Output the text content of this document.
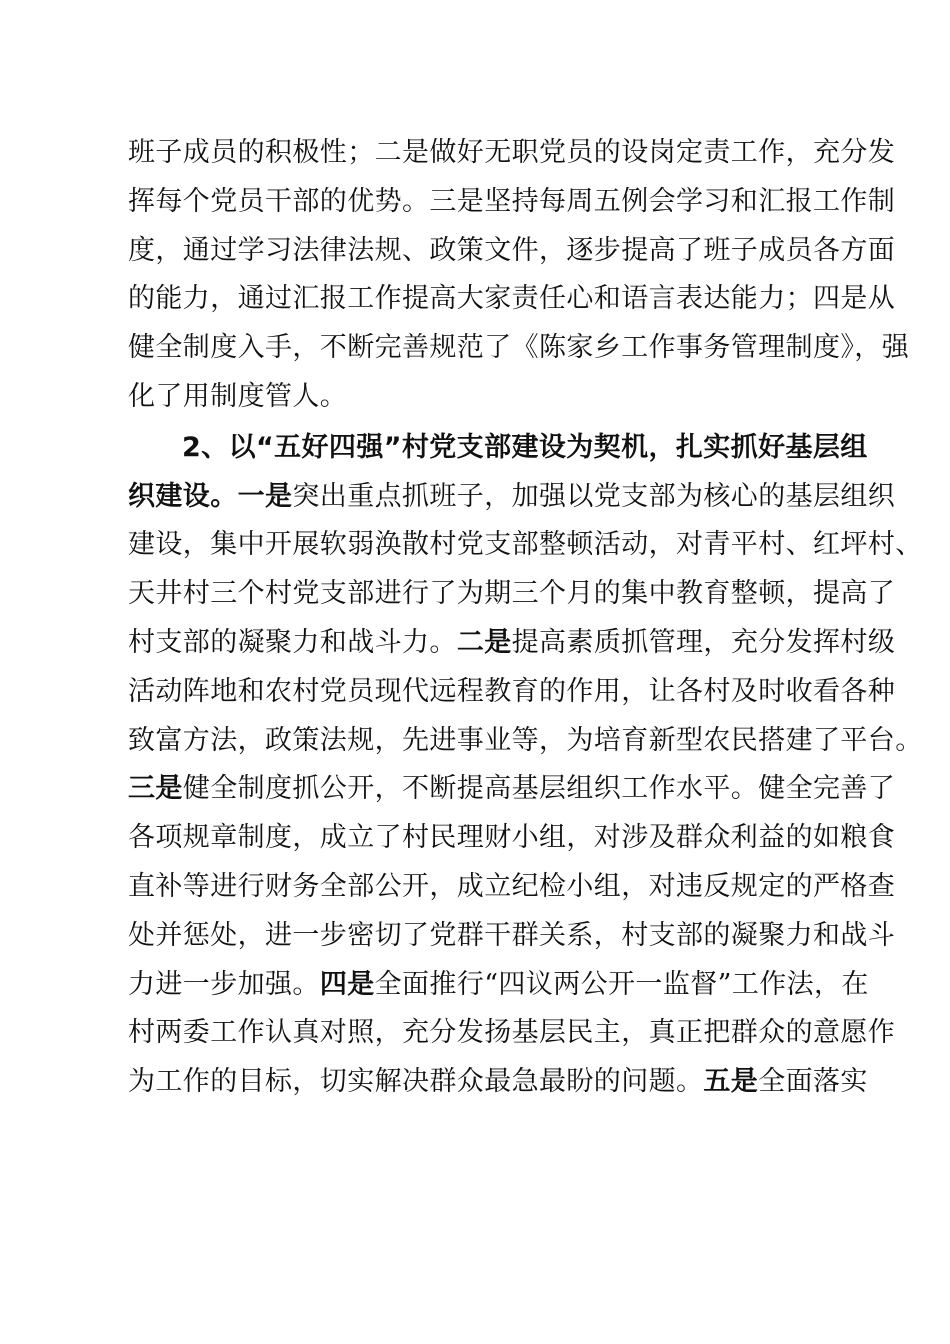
班子成员的积极性；二是做好无职党员的设岗定责工作，充分发
挥每个党员干部的优势。三是坚持每周五例会学习和汇报工作制
度，通过学习法律法规、政策文件，逐步提高了班子成员各方面
的能力，通过汇报工作提高大家责任心和语言表达能力；四是从
健全制度入手，不断完善规范了《陈家乡工作事务管理制度》，强
化了用制度管人。
2、以“五好四强”村党支部建设为契机，扎实抓好基层组
织建设。一是突出重点抓班子，加强以党支部为核心的基层组织
建设，集中开展软弱涣散村党支部整顿活动，对青平村、红坪村、
天井村三个村党支部进行了为期三个月的集中教育整顿，提高了
村支部的凝聚力和战斗力。二是提高素质抓管理，充分发挥村级
活动阵地和农村党员现代远程教育的作用，让各村及时收看各种
致富方法，政策法规，先进事业等，为培育新型农民搭建了平台。
三是健全制度抓公开，不断提高基层组织工作水平。健全完善了
各项规章制度，成立了村民理财小组，对涉及群众利益的如粮食
直补等进行财务全部公开，成立纪检小组，对违反规定的严格查
处并惩处，进一步密切了党群干群关系，村支部的凝聚力和战斗
力进一步加强。四是全面推行“四议两公开一监督”工作法，在
村两委工作认真对照，充分发扬基层民主，真正把群众的意愿作
为工作的目标，切实解决群众最急最盼的问题。五是全面落实
